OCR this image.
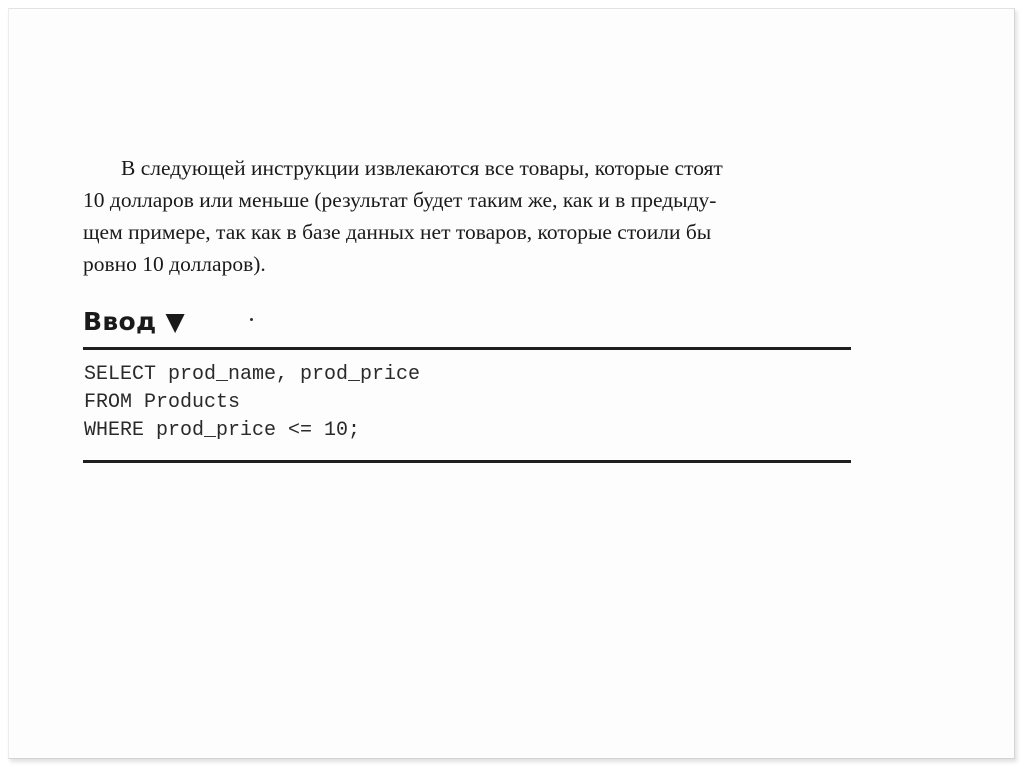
В следующей инструкции извлекаются все товары, которые стоят
10 долларов или меньше (результат будет таким же, как и в предыду-
щем примере, так как в базе данных нет товаров, которые стоили бы
ровно 10 долларов).

Ввод ▼
SELECT prod_name, prod_price
FROM Products
WHERE prod_price <= 10;
